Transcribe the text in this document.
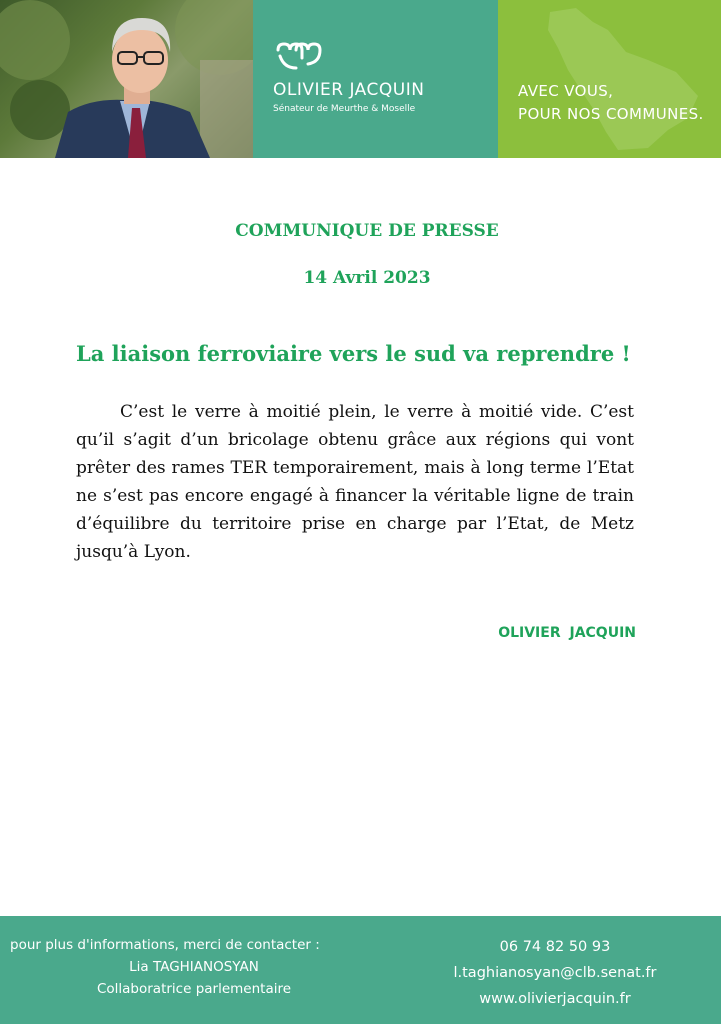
OLIVIER JACQUIN
Sénateur de Meurthe & Moselle
AVEC VOUS,
POUR NOS COMMUNES.
COMMUNIQUE DE PRESSE
14 Avril 2023
La liaison ferroviaire vers le sud va reprendre !

C’est le verre à moitié plein, le verre à moitié vide. C’est qu’il s’agit d’un bricolage obtenu grâce aux régions qui vont prêter des rames TER temporairement, mais à long terme l’Etat ne s’est pas encore engagé à financer la véritable ligne de train d’équilibre du territoire prise en charge par l’Etat, de Metz jusqu’à Lyon.

OLIVIER JACQUIN
pour plus d'informations, merci de contacter :
Lia TAGHIANOSYAN
Collaboratrice parlementaire
06 74 82 50 93
l.taghianosyan@clb.senat.fr
www.olivierjacquin.fr
